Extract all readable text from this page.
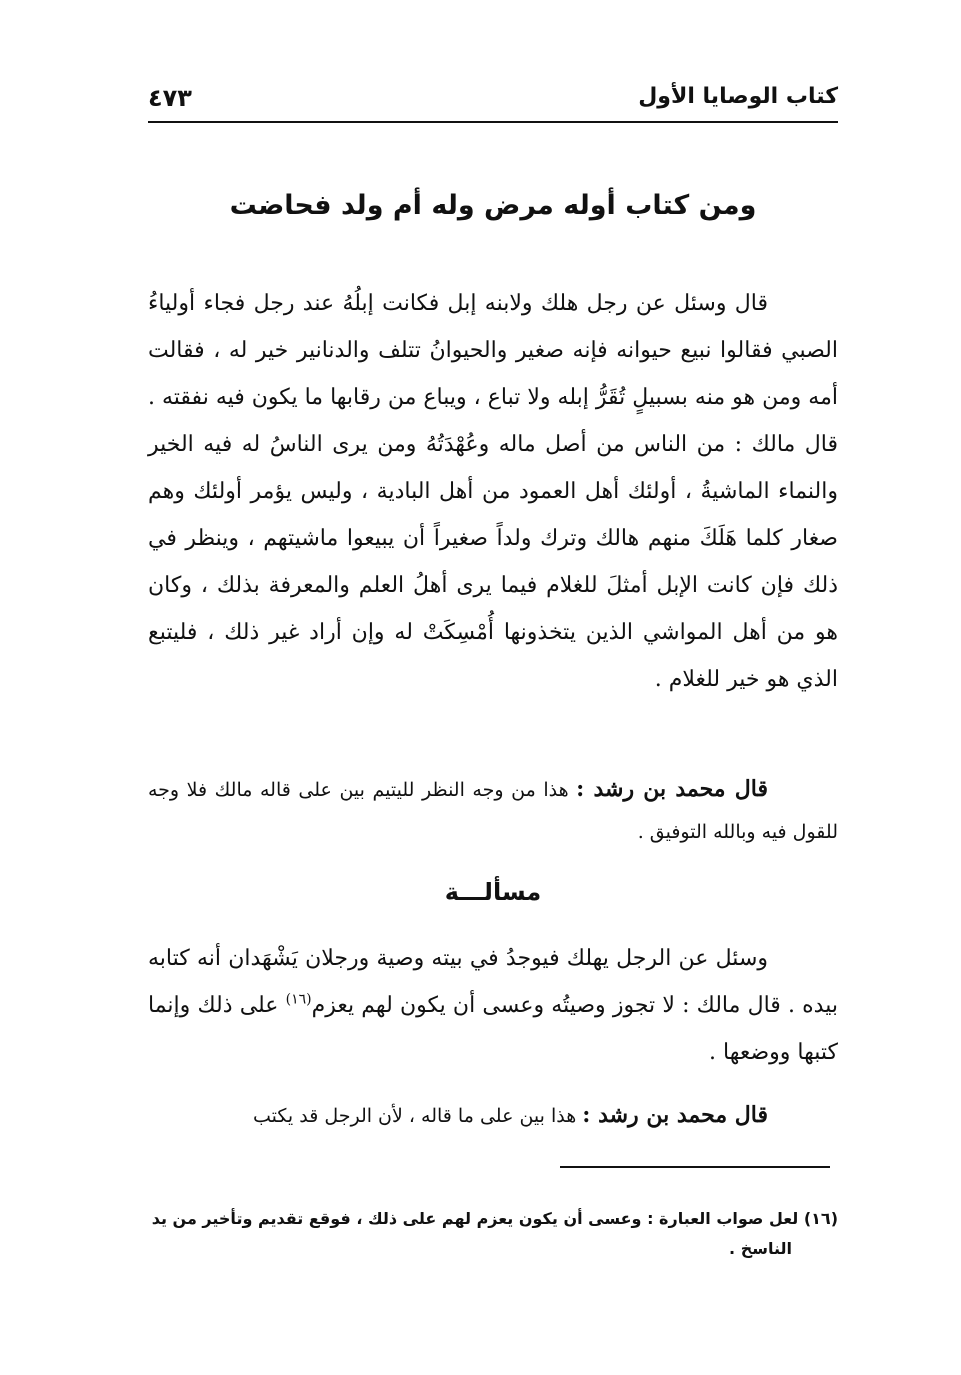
كتاب الوصايا الأول
٤٧٣
ومن كتاب أوله مرض وله أم ولد فحاضت

قال وسئل عن رجل هلك ولابنه إبل فكانت إبلُهُ عند رجل فجاء أولياءُ الصبي فقالوا نبيع حيوانه فإنه صغير والحيوانُ تتلف والدنانير خير له ، فقالت أمه ومن هو منه بسبيلٍ تُقَرُّ إبله ولا تباع ، ويباع من رقابها ما يكون فيه نفقته . قال مالك : من الناس من أصل ماله وعُهْدَتُهُ ومن يرى الناسُ له فيه الخير والنماء الماشيةُ ، أولئك أهل العمود من أهل البادية ، وليس يؤمر أولئك وهم صغار كلما هَلَكَ منهم هالك وترك ولداً صغيراً أن يبيعوا ماشيتهم ، وينظر في ذلك فإن كانت الإبل أمثلَ للغلام فيما يرى أهلُ العلم والمعرفة بذلك ، وكان هو من أهل المواشي الذين يتخذونها أُمْسِكَتْ له وإن أراد غير ذلك ، فليتبع الذي هو خير للغلام .

قال محمد بن رشد : هذا من وجه النظر لليتيم بين على قاله مالك فلا وجه للقول فيه وبالله التوفيق .

مسألـــة

وسئل عن الرجل يهلك فيوجدُ في بيته وصية ورجلان يَشْهَدان أنه كتابه بيده . قال مالك : لا تجوز وصيتُه وعسى أن يكون لهم يعزم$^{(١٦)}$ على ذلك وإنما كتبها ووضعها .

قال محمد بن رشد : هذا بين على ما قاله ، لأن الرجل قد يكتب

(١٦) لعل صواب العبارة : وعسى أن يكون يعزم لهم على ذلك ، فوقع تقديم وتأخير من يد
الناسخ .
